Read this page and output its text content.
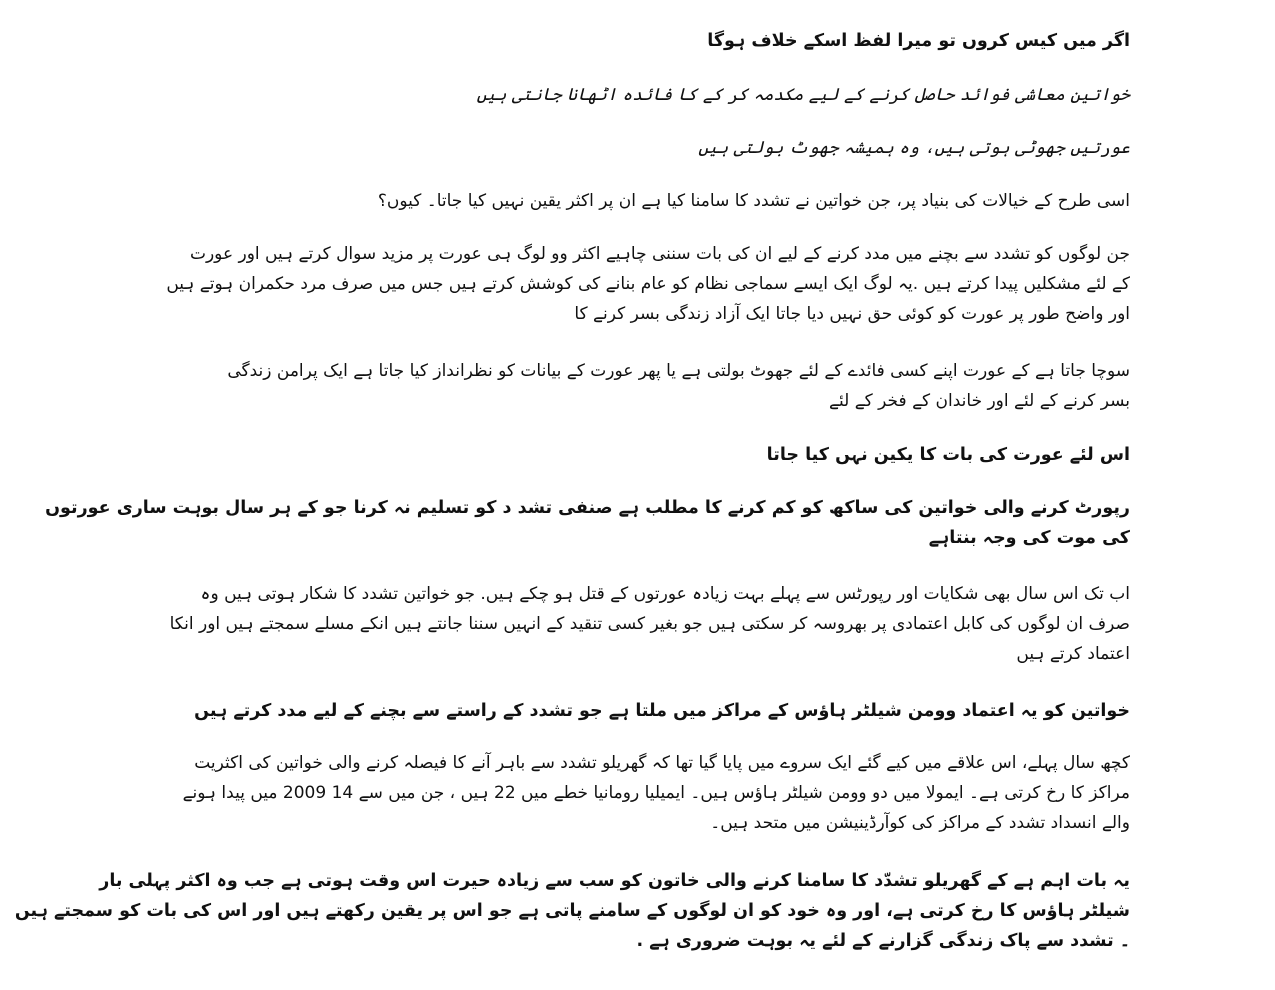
اگر میں کیس کروں تو میرا لفظ اسکے خلاف ہوگا

خواتین معاشی فوائد حاصل کرنے کے لیے مکدمہ کر کے کا فائدہ اٹھانا جانتی ہیں

عورتیں جھوٹی ہوتی ہیں، وہ ہمیشہ جھوٹ بولتی ہیں

اسی طرح کے خیالات کی بنیاد پر، جن خواتین نے تشدد کا سامنا کیا ہے ان پر اکثر یقین نہیں کیا جاتا۔ کیوں؟

جن لوگوں کو تشدد سے بچنے میں مدد کرنے کے لیے ان کی بات سننی چاہیے اکثر وو لوگ ہی عورت پر مزید سوال کرتے ہیں اور عورت
کے لئے مشکلیں پیدا کرتے ہیں .یہ لوگ ایک ایسے سماجی نظام کو عام بنانے کی کوشش کرتے ہیں جس میں صرف مرد حکمران ہوتے ہیں
اور واضح طور پر عورت کو کوئی حق نہیں دیا جاتا ایک آزاد زندگی بسر کرنے کا

سوچا جاتا ہے کے عورت اپنے کسی فائدے کے لئے جھوٹ بولتی ہے یا پھر عورت کے بیانات کو نظرانداز کیا جاتا ہے ایک پرامن زندگی
بسر کرنے کے لئے اور خاندان کے فخر کے لئے

اس لئے عورت کی بات کا یکین نہں کیا جاتا

رپورٹ کرنے والی خواتین کی ساکھ کو کم کرنے کا مطلب ہے صنفی تشد د کو تسلیم نہ کرنا جو کے ہر سال بوہت ساری عورتوں
کی موت کی وجہ بنتاہے

اب تک اس سال بھی شکایات اور رپورٹس سے پہلے بہت زیادہ عورتوں کے قتل ہو چکے ہیں. جو خواتین تشدد کا شکار ہوتی ہیں وہ
صرف ان لوگوں کی کابل اعتمادی پر بھروسہ کر سکتی ہیں جو بغیر کسی تنقید کے انہیں سننا جانتے ہیں انکے مسلے سمجتے ہیں اور انکا
اعتماد کرتے ہیں

خواتین کو یہ اعتماد وومن شیلٹر ہاؤس کے مراکز میں ملتا ہے جو تشدد کے راستے سے بچنے کے لیے مدد کرتے ہیں

کچھ سال پہلے، اس علاقے میں کیے گئے ایک سروے میں پایا گیا تھا کہ گھریلو تشدد سے باہر آنے کا فیصلہ کرنے والی خواتین کی اکثریت
مراکز کا رخ کرتی ہے۔ ایمولا میں دو وومن شیلٹر ہاؤس ہیں۔ ایمیلیا رومانیا خطے میں 22 ہیں ، جن میں سے 14 2009 میں پیدا ہونے
والے انسداد تشدد کے مراکز کی کوآرڈینیشن میں متحد ہیں۔

یہ بات اہم ہے کے گھریلو تشدّد کا سامنا کرنے والی خاتون کو سب سے زیادہ حیرت اس وقت ہوتی ہے جب وہ اکثر پہلی بار
شیلٹر ہاؤس کا رخ کرتی ہے، اور وہ خود کو ان لوگوں کے سامنے پاتی ہے جو اس پر یقین رکھتے ہیں اور اس کی بات کو سمجتے ہیں
۔ تشدد سے پاک زندگی گزارنے کے لئے یہ بوہت ضروری ہے .
